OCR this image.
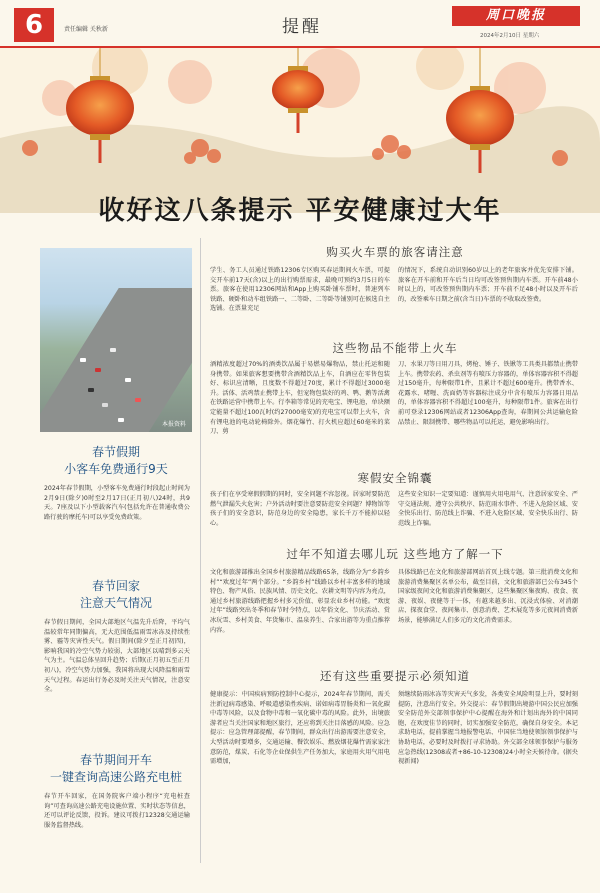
6	责任编辑 关秋新	提醒
周口晚报
2024年2月10日 星期六
收好这八条提示 平安健康过大年
本报资料
春节假期
小客车免费通行9天
2024年春节假期，小型客车免费通行时段起止时间为2月9日(除夕)0时至2月17日(正月初八)24时，共9天。7座及以下小型载客汽车(包括允许在普通收费公路行驶的摩托车)可以享受免费政策。
春节回家
注意天气情况
春节假日期间，全国大部地区气温先升后降，平均气温较常年同期偏高，无大范围低温雨雪冰冻及持续性雾、霾等灾害性天气。假日期间(除夕至正月初四)，影响我国的冷空气势力较弱，大部地区以晴到多云天气为主。气温总体呈回升趋势；后期(正月初五至正月初八)，冷空气势力加强，我国将出现大风降温和雨雪天气过程。春运出行务必及时关注天气情况，注意安全。
春节期间开车
一键查询高速公路充电桩
春节开车回家，在国务院客户端小程序“充电桩查询”可查询高速公路充电设施位置、实时状态等信息，还可以评论反馈，投诉。建议可拨打12328交通运输服务监督热线。
购买火车票的旅客请注意
学生、务工人员通过铁路12306专区购买春运期间火车票，可提交开车前17天(含)以上的出行购票需求，最晚可预约3月5日的车票。旅客在使用12306网站和App上购买卧铺车票时，普速列车铁路、硬卧和动车组铁路一、二等卧、二等卧等铺别可在候选自主选铺。在票量充足
的情况下，系统自动识别60岁以上的老年旅客并优先安排下铺。旅客在开车前和开车后当日均可改签预售期内车票。开车前48小时以上的，可改签预售期内车票；开车前不足48小时以及开车后的，改签乘车日期之前(含当日)车票的不收取改签费。
这些物品不能带上火车
酒精浓度超过70%的酒类饮品属于易燃易爆物品，禁止托运和随身携带。如果旅客想要携带含酒精饮品上车，自酒应在零售包装好、标识应清晰，且度数不得超过70度，累计不得超过3000毫升。活体、活鸡禁止携带上车，但宠物包装好的鸡、鸭、鹅等活禽在铁路运营中携带上车。行李箱等常见的充电宝、锂电池，单块额定能量不超过100瓦时(约27000毫安)的充电宝可以带上火车，含有锂电池的电动轮椅除外。烟花爆竹、打火机应超过60毫米的菜刀、剪
刀、水果刀等日用刀具，烤枪、锤子、铁锹等工具类具都禁止携带上车。携带农药、杀虫剂等有喷压力容器的，单体容器容积不得超过150毫升，每种限带1件，且累计不超过600毫升。携带香水、花露水、啫喱、洗面奶等容器标注成分中含有喷压力容器日用品的，单体容器容积不得超过100毫升，每种限带1件。旅客在出行前可登录12306网站或者12306App查询，春期间公共运输危险品禁止、限制携带、哪些物品可以托运，避免影响出行。
寒假安全锦囊
孩子们在享受寒假假期的同时，安全问题不容忽视。居家时要防范燃气泄漏失火危害；户外活动时要注意要防范安全问题？博物馆等孩子们的安全意识，防范身边的安全隐患，家长千万不能掉以轻心。
这些安全知识一定要知道：谨慎用火用电用气、注意居家安全、严守交通法规、遵守公共秩序、防范雨水事件、不进入危险区域、安全快乐出行、防范线上诈骗、不进入危险区域、安全快乐出行、防范线上诈骗。
过年不知道去哪儿玩 这些地方了解一下
文化和旅游部推出全国乡村旅游精品线路65条，线路分为“乡韵乡村”“欢度过年”两个部分。“乡韵乡村”线路以乡村丰富多样的地域特色、物产风俗、民族风情、历史文化、农耕文明等内容为亮点，通过乡村旅游线路把握乡村多元价值、彰显农业乡村功能。“欢度过年”线路突出冬季和春节时令特点，以年俗文化、节庆活动、赏冰玩雪、乡村美食、年货集市、温泉养生、合家出游等为重点推荐内容。
具体线路已在文化和旅游部网站首页上线专题。第三批消费文化和旅游消费集聚区名单公布，截至目前，文化和旅游部已公布345个国家级夜间文化和旅游消费集聚区，这些集聚区集夜购、夜食、夜游、夜娱、夜健等于一体，有越来越多出、沉浸式体验、对消潮店、探夜食堂、夜间集市、创意消费、艺术展览等多元夜间消费新场景，能够满足人们多元的文化消费需求。
还有这些重要提示必须知道
健康提示：中国疾病预防控制中心提示，2024年春节期间，需关注新冠病毒感染、呼吸道感染性疾病、诺如病毒胃肠炎和一氧化碳中毒等风险，以及食物中毒和一氧化碳中毒的风险。此外，出境旅游者应当关注国家和地区旅行，还应将到关注目落感的风险。应急提示：应急管理部提醒，春节期间，群众出行出游需要注意安全，大型活动时要增多，交通运输、餐饮娱乐、燃放烟花爆竹需家家注意防范，煤炭、石化等企业保供生产任务加大，家庭用火用气用电需增加，
须继续防雨冰冻等灾害天气多发，各类安全风险明显上升，要时刻提防，注意出行安全。外交提示：春节假期出境游中国公民应加强安全防范外交部领事保护中心提醒在海外和计划出海外的中国同胞，在欢度佳节的同时，切实加强安全防范，确保自身安全。本记求助电话，提前掌握当地报警电话、中国驻当地使领馆领事保护与协助电话，必要时及时拨打寻求协助。外交部全球领事保护与服务应急热线(12308或者+86-10-12308)24小时全天候待命。(据央视新闻)
